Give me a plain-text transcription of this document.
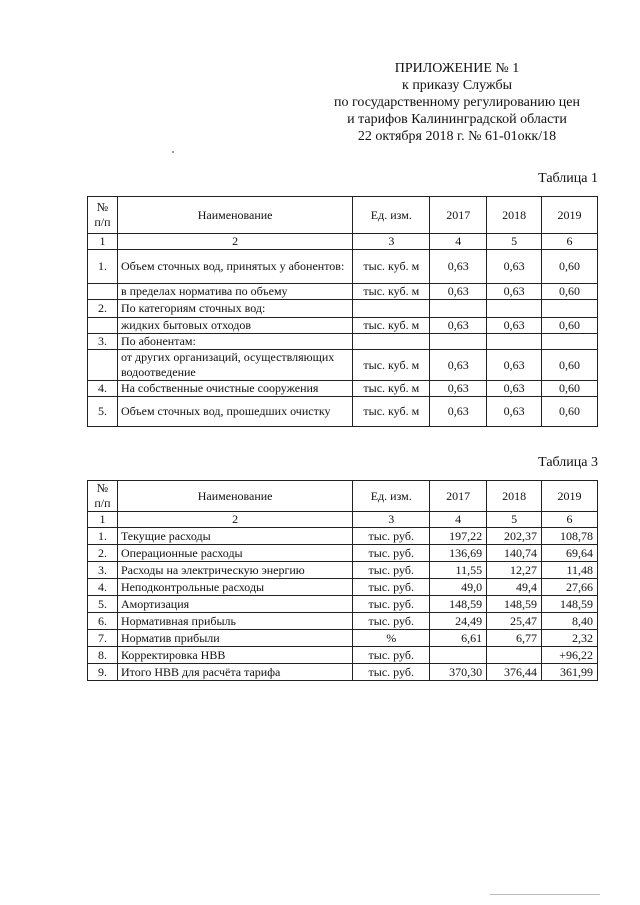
ПРИЛОЖЕНИЕ № 1
к приказу Службы
по государственному регулированию цен
и тарифов Калининградской области
22 октября 2018 г. № 61-01окк/18
Таблица 1
№ п/п	Наименование	Ед. изм.	2017	2018	2019
1	2	3	4	5	6
1.	Объем сточных вод, принятых у абонентов:	тыс. куб. м	0,63	0,63	0,60
	в пределах норматива по объему	тыс. куб. м	0,63	0,63	0,60
2.	По категориям сточных вод:				
	жидких бытовых отходов	тыс. куб. м	0,63	0,63	0,60
3.	По абонентам:				
	от других организаций, осуществляющих водоотведение	тыс. куб. м	0,63	0,63	0,60
4.	На собственные очистные сооружения	тыс. куб. м	0,63	0,63	0,60
5.	Объем сточных вод, прошедших очистку	тыс. куб. м	0,63	0,63	0,60
Таблица 3
№ п/п	Наименование	Ед. изм.	2017	2018	2019
1	2	3	4	5	6
1.	Текущие расходы	тыс. руб.	197,22	202,37	108,78
2.	Операционные расходы	тыс. руб.	136,69	140,74	69,64
3.	Расходы на электрическую энергию	тыс. руб.	11,55	12,27	11,48
4.	Неподконтрольные расходы	тыс. руб.	49,0	49,4	27,66
5.	Амортизация	тыс. руб.	148,59	148,59	148,59
6.	Нормативная прибыль	тыс. руб.	24,49	25,47	8,40
7.	Норматив прибыли	%	6,61	6,77	2,32
8.	Корректировка НВВ	тыс. руб.			+96,22
9.	Итого НВВ для расчёта тарифа	тыс. руб.	370,30	376,44	361,99
